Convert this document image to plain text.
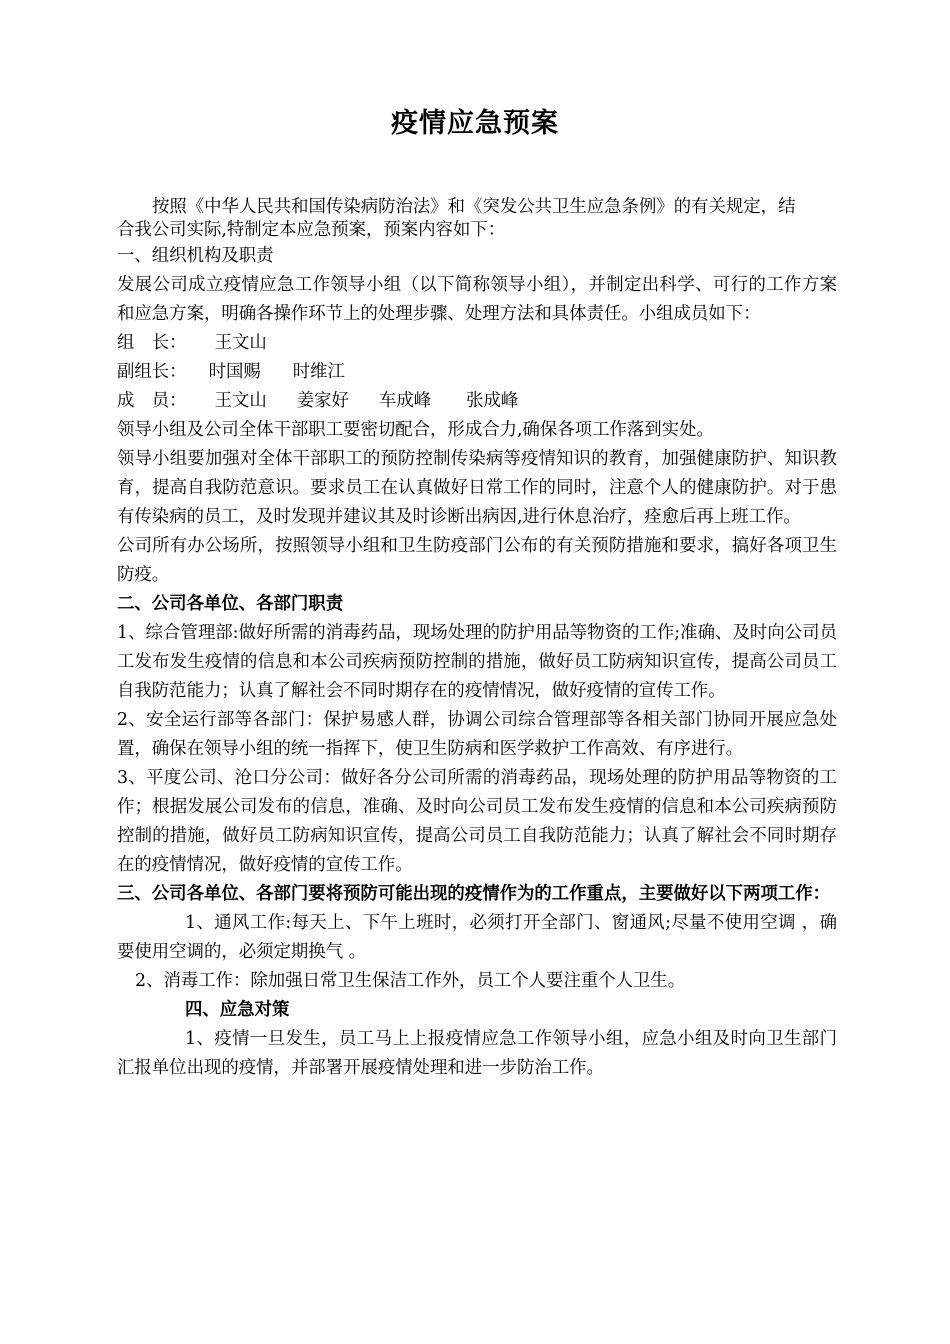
疫情应急预案

按照《中华人民共和国传染病防治法》和《突发公共卫生应急条例》的有关规定，结

合我公司实际,特制定本应急预案，预案内容如下：

一、组织机构及职责

发展公司成立疫情应急工作领导小组（以下简称领导小组），并制定出科学、可行的工作方案和应急方案，明确各操作环节上的处理步骤、处理方法和具体责任。小组成员如下：

组　长： 王文山
副组长： 时国赐 时维江
成　员： 王文山 姜家好 车成峰 张成峰

领导小组及公司全体干部职工要密切配合，形成合力,确保各项工作落到实处。

领导小组要加强对全体干部职工的预防控制传染病等疫情知识的教育，加强健康防护、知识教育，提高自我防范意识。要求员工在认真做好日常工作的同时，注意个人的健康防护。对于患有传染病的员工，及时发现并建议其及时诊断出病因,进行休息治疗，痊愈后再上班工作。

公司所有办公场所，按照领导小组和卫生防疫部门公布的有关预防措施和要求，搞好各项卫生防疫。

二、公司各单位、各部门职责

1、综合管理部:做好所需的消毒药品，现场处理的防护用品等物资的工作;准确、及时向公司员工发布发生疫情的信息和本公司疾病预防控制的措施，做好员工防病知识宣传，提高公司员工自我防范能力；认真了解社会不同时期存在的疫情情况，做好疫情的宣传工作。

2、安全运行部等各部门：保护易感人群，协调公司综合管理部等各相关部门协同开展应急处置，确保在领导小组的统一指挥下，使卫生防病和医学救护工作高效、有序进行。

3、平度公司、沧口分公司：做好各分公司所需的消毒药品，现场处理的防护用品等物资的工作；根据发展公司发布的信息，准确、及时向公司员工发布发生疫情的信息和本公司疾病预防控制的措施，做好员工防病知识宣传，提高公司员工自我防范能力；认真了解社会不同时期存在的疫情情况，做好疫情的宣传工作。

三、公司各单位、各部门要将预防可能出现的疫情作为的工作重点，主要做好以下两项工作：

1、通风工作:每天上、下午上班时，必须打开全部门、窗通风;尽量不使用空调 ，确要使用空调的，必须定期换气 。

2、消毒工作：除加强日常卫生保洁工作外，员工个人要注重个人卫生。

四、应急对策

1、疫情一旦发生，员工马上上报疫情应急工作领导小组，应急小组及时向卫生部门汇报单位出现的疫情，并部署开展疫情处理和进一步防治工作。
